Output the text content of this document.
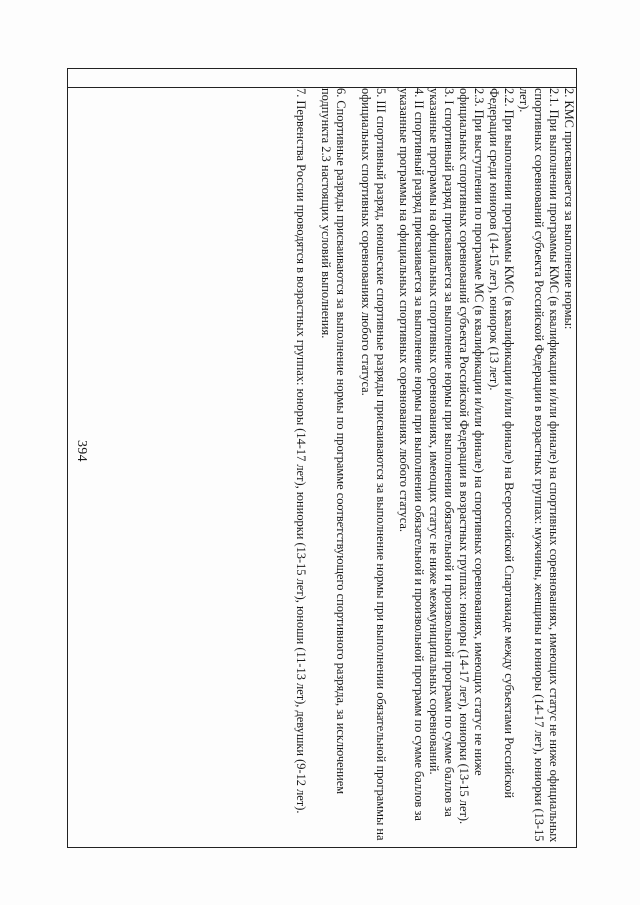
2. КМС присваивается за выполнение нормы:

2.1. При выполнении программы КМС (в квалификации и/или финале) на спортивных соревнованиях, имеющих статус не ниже официальных спортивных соревнований субъекта Российской Федерации в возрастных группах: мужчины, женщины и юниоры (14-17 лет), юниорки (13-15 лет).

2.2. При выполнении программы КМС (в квалификации и/или финале) на Всероссийской Спартакиаде между субъектами Российской Федерации среди юниоров (14-15 лет), юниорок (13 лет).

2.3. При выступлении по программе МС (в квалификации и/или финале) на спортивных соревнованиях, имеющих статус не ниже официальных спортивных соревнований субъекта Российской Федерации в возрастных группах: юниоры (14-17 лет), юниорки (13-15 лет).

3. I спортивный разряд присваивается за выполнение нормы при выполнении обязательной и произвольной программ по сумме баллов за указанные программы на официальных спортивных соревнованиях, имеющих статус не ниже межмуниципальных соревнований.

4. II спортивный разряд присваивается за выполнение нормы при выполнении обязательной и произвольной программ по сумме баллов за указанные программы на официальных спортивных соревнованиях любого статуса.

5. III спортивный разряд, юношеские спортивные разряды присваиваются за выполнение нормы при выполнении обязательной программы на официальных спортивных соревнованиях любого статуса.

6. Спортивные разряды присваиваются за выполнение нормы по программе соответствующего спортивного разряда, за исключением подпункта 2.3 настоящих условий выполнения.

7. Первенства России проводятся в возрастных группах: юноры (14-17 лет), юниорки (13-15 лет), юноши (11-13 лет), девушки (9-12 лет).

394
